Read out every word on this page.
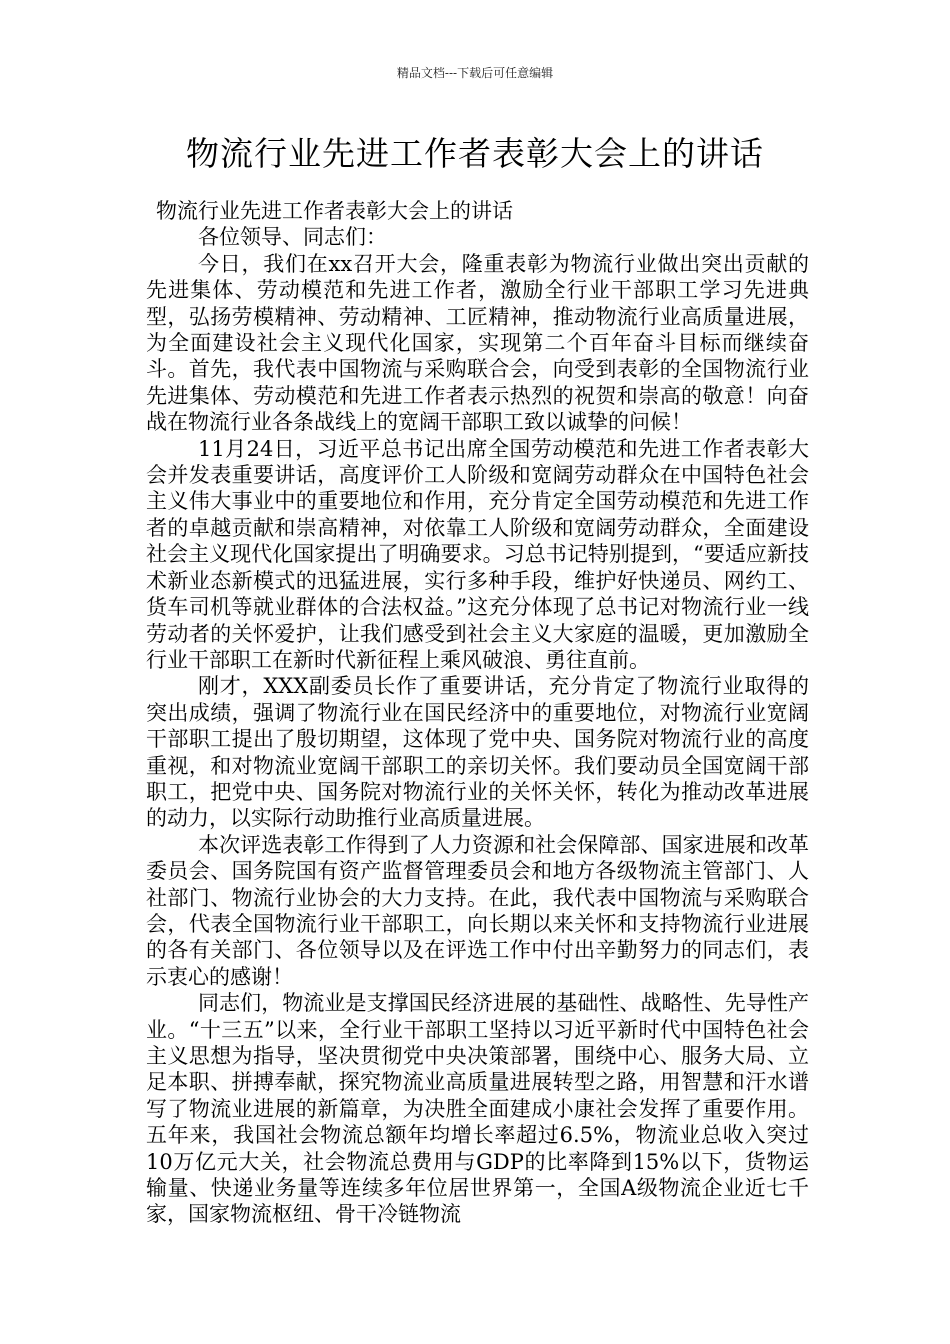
精品文档---下载后可任意编辑
物流行业先进工作者表彰大会上的讲话

物流行业先进工作者表彰大会上的讲话

各位领导、同志们：

今日，我们在xx召开大会，隆重表彰为物流行业做出突出贡献的先进集体、劳动模范和先进工作者，激励全行业干部职工学习先进典型，弘扬劳模精神、劳动精神、工匠精神，推动物流行业高质量进展，为全面建设社会主义现代化国家，实现第二个百年奋斗目标而继续奋斗。首先，我代表中国物流与采购联合会，向受到表彰的全国物流行业先进集体、劳动模范和先进工作者表示热烈的祝贺和崇高的敬意！向奋战在物流行业各条战线上的宽阔干部职工致以诚挚的问候！

11月24日，习近平总书记出席全国劳动模范和先进工作者表彰大会并发表重要讲话，高度评价工人阶级和宽阔劳动群众在中国特色社会主义伟大事业中的重要地位和作用，充分肯定全国劳动模范和先进工作者的卓越贡献和崇高精神，对依靠工人阶级和宽阔劳动群众，全面建设社会主义现代化国家提出了明确要求。习总书记特别提到，“要适应新技术新业态新模式的迅猛进展，实行多种手段，维护好快递员、网约工、货车司机等就业群体的合法权益。”这充分体现了总书记对物流行业一线劳动者的关怀爱护，让我们感受到社会主义大家庭的温暖，更加激励全行业干部职工在新时代新征程上乘风破浪、勇往直前。

刚才，XXX副委员长作了重要讲话，充分肯定了物流行业取得的突出成绩，强调了物流行业在国民经济中的重要地位，对物流行业宽阔干部职工提出了殷切期望，这体现了党中央、国务院对物流行业的高度重视，和对物流业宽阔干部职工的亲切关怀。我们要动员全国宽阔干部职工，把党中央、国务院对物流行业的关怀关怀，转化为推动改革进展的动力，以实际行动助推行业高质量进展。

本次评选表彰工作得到了人力资源和社会保障部、国家进展和改革委员会、国务院国有资产监督管理委员会和地方各级物流主管部门、人社部门、物流行业协会的大力支持。在此，我代表中国物流与采购联合会，代表全国物流行业干部职工，向长期以来关怀和支持物流行业进展的各有关部门、各位领导以及在评选工作中付出辛勤努力的同志们，表示衷心的感谢！

同志们，物流业是支撑国民经济进展的基础性、战略性、先导性产业。“十三五”以来，全行业干部职工坚持以习近平新时代中国特色社会主义思想为指导，坚决贯彻党中央决策部署，围绕中心、服务大局、立足本职、拼搏奉献，探究物流业高质量进展转型之路，用智慧和汗水谱写了物流业进展的新篇章，为决胜全面建成小康社会发挥了重要作用。五年来，我国社会物流总额年均增长率超过6.5%，物流业总收入突过10万亿元大关，社会物流总费用与GDP的比率降到15%以下，货物运输量、快递业务量等连续多年位居世界第一，全国A级物流企业近七千家，国家物流枢纽、骨干冷链物流
